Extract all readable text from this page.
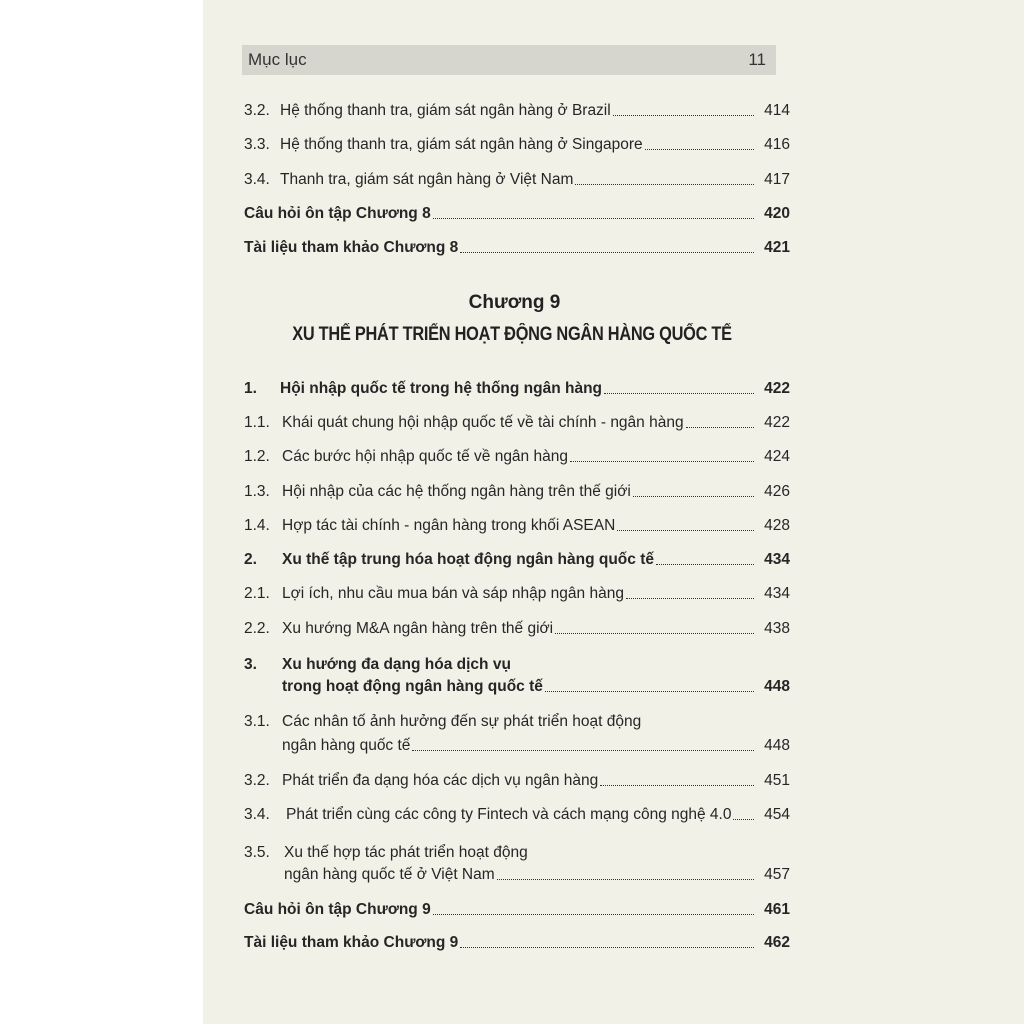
Mục lục	11
3.2. Hệ thống thanh tra, giám sát ngân hàng ở Brazil	414
3.3. Hệ thống thanh tra, giám sát ngân hàng ở Singapore	416
3.4. Thanh tra, giám sát ngân hàng ở Việt Nam	417
Câu hỏi ôn tập Chương 8	420
Tài liệu tham khảo Chương 8	421
Chương 9
XU THẾ PHÁT TRIỂN HOẠT ĐỘNG NGÂN HÀNG QUỐC TẾ
1. Hội nhập quốc tế trong hệ thống ngân hàng	422
1.1. Khái quát chung hội nhập quốc tế về tài chính - ngân hàng	422
1.2. Các bước hội nhập quốc tế về ngân hàng	424
1.3. Hội nhập của các hệ thống ngân hàng trên thế giới	426
1.4. Hợp tác tài chính - ngân hàng trong khối ASEAN	428
2. Xu thế tập trung hóa hoạt động ngân hàng quốc tế	434
2.1. Lợi ích, nhu cầu mua bán và sáp nhập ngân hàng	434
2.2. Xu hướng M&A ngân hàng trên thế giới	438
3. Xu hướng đa dạng hóa dịch vụ
trong hoạt động ngân hàng quốc tế	448
3.1. Các nhân tố ảnh hưởng đến sự phát triển hoạt động
ngân hàng quốc tế	448
3.2. Phát triển đa dạng hóa các dịch vụ ngân hàng	451
3.4. Phát triển cùng các công ty Fintech và cách mạng công nghệ 4.0 454
3.5. Xu thế hợp tác phát triển hoạt động
ngân hàng quốc tế ở Việt Nam	457
Câu hỏi ôn tập Chương 9	461
Tài liệu tham khảo Chương 9	462
